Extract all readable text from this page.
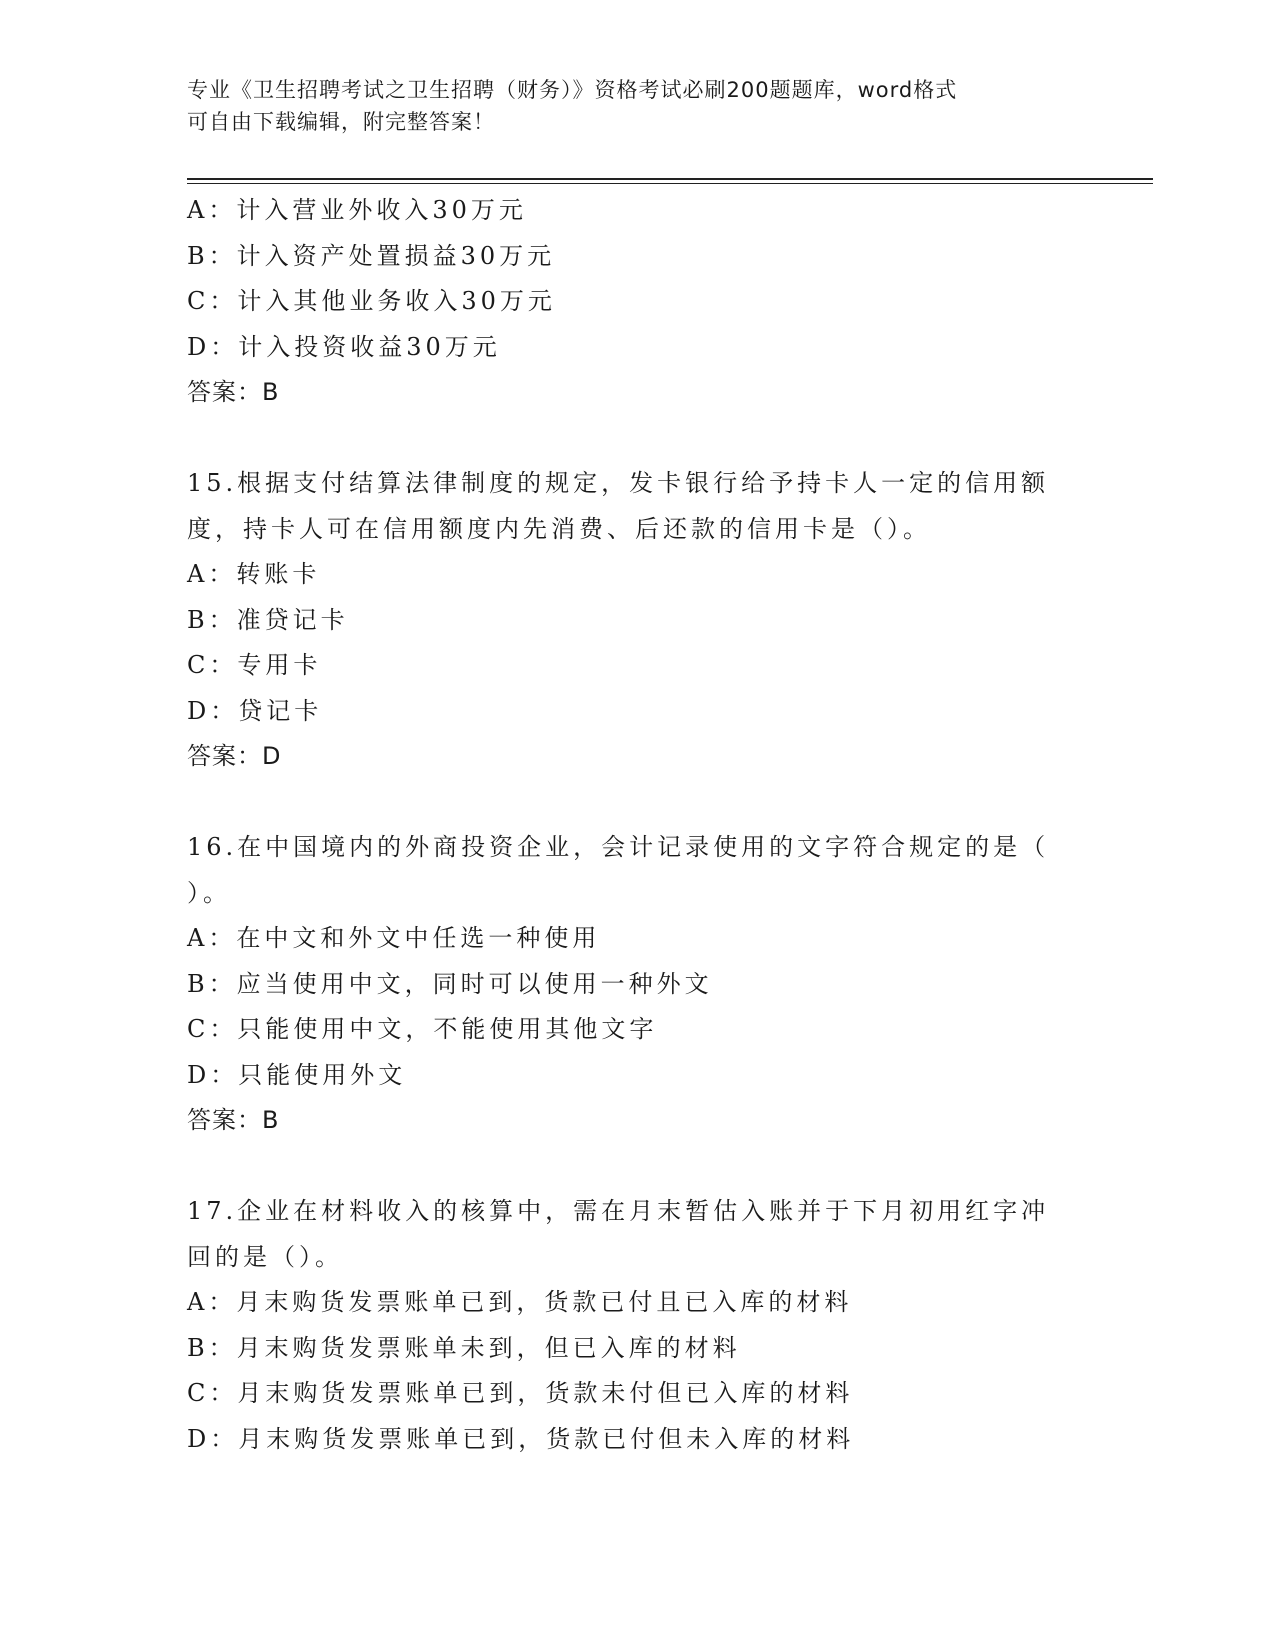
专业《卫生招聘考试之卫生招聘（财务）》资格考试必刷200题题库，word格式
可自由下载编辑，附完整答案！
A：计入营业外收入30万元
B：计入资产处置损益30万元
C：计入其他业务收入30万元
D：计入投资收益30万元
答案：B
15.根据支付结算法律制度的规定，发卡银行给予持卡人一定的信用额
度，持卡人可在信用额度内先消费、后还款的信用卡是（）。
A：转账卡
B：准贷记卡
C：专用卡
D：贷记卡
答案：D
16.在中国境内的外商投资企业，会计记录使用的文字符合规定的是（
）。
A：在中文和外文中任选一种使用
B：应当使用中文，同时可以使用一种外文
C：只能使用中文，不能使用其他文字
D：只能使用外文
答案：B
17.企业在材料收入的核算中，需在月末暂估入账并于下月初用红字冲
回的是（）。
A：月末购货发票账单已到，货款已付且已入库的材料
B：月末购货发票账单未到，但已入库的材料
C：月末购货发票账单已到，货款未付但已入库的材料
D：月末购货发票账单已到，货款已付但未入库的材料
